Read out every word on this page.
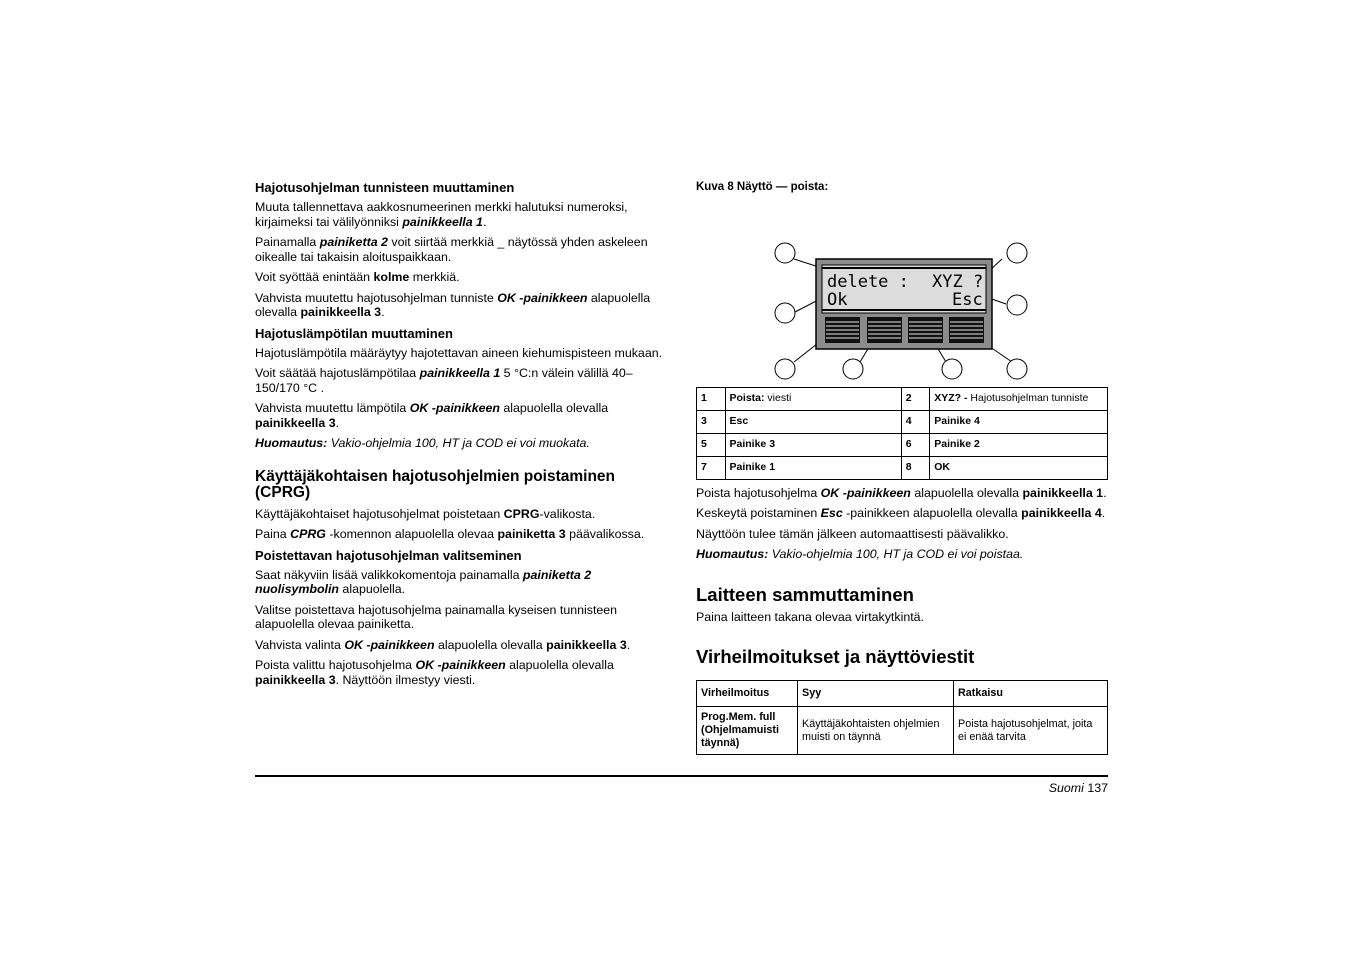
Hajotusohjelman tunnisteen muuttaminen

Muuta tallennettava aakkosnumeerinen merkki halutuksi numeroksi, kirjaimeksi tai välilyönniksi painikkeella 1.

Painamalla painiketta 2 voit siirtää merkkiä _ näytössä yhden askeleen oikealle tai takaisin aloituspaikkaan.

Voit syöttää enintään kolme merkkiä.

Vahvista muutettu hajotusohjelman tunniste OK -painikkeen alapuolella olevalla painikkeella 3.

Hajotuslämpötilan muuttaminen

Hajotuslämpötila määräytyy hajotettavan aineen kiehumispisteen mukaan.

Voit säätää hajotuslämpötilaa painikkeella 1 5 °C:n välein välillä 40–150/170 °C .

Vahvista muutettu lämpötila OK -painikkeen alapuolella olevalla painikkeella 3.

Huomautus: Vakio-ohjelmia 100, HT ja COD ei voi muokata.

Käyttäjäkohtaisen hajotusohjelmien poistaminen (CPRG)

Käyttäjäkohtaiset hajotusohjelmat poistetaan CPRG-valikosta.

Paina CPRG -komennon alapuolella olevaa painiketta 3 päävalikossa.

Poistettavan hajotusohjelman valitseminen

Saat näkyviin lisää valikkokomentoja painamalla painiketta 2 nuolisymbolin alapuolella.

Valitse poistettava hajotusohjelma painamalla kyseisen tunnisteen alapuolella olevaa painiketta.

Vahvista valinta OK -painikkeen alapuolella olevalla painikkeella 3.

Poista valittu hajotusohjelma OK -painikkeen alapuolella olevalla painikkeella 3. Näyttöön ilmestyy viesti.

Kuva 8 Näyttö — poista:
delete : XYZ ?
Ok	Esc
1	Poista: viesti	2	XYZ? - Hajotusohjelman tunniste
3	Esc	4	Painike 4
5	Painike 3	6	Painike 2
7	Painike 1	8	OK

Poista hajotusohjelma OK -painikkeen alapuolella olevalla painikkeella 1.

Keskeytä poistaminen Esc -painikkeen alapuolella olevalla painikkeella 4.

Näyttöön tulee tämän jälkeen automaattisesti päävalikko.

Huomautus: Vakio-ohjelmia 100, HT ja COD ei voi poistaa.

Laitteen sammuttaminen

Paina laitteen takana olevaa virtakytkintä.

Virheilmoitukset ja näyttöviestit
Virheilmoitus	Syy	Ratkaisu
Prog.Mem. full (Ohjelmamuisti täynnä)	Käyttäjäkohtaisten ohjelmien muisti on täynnä	Poista hajotusohjelmat, joita ei enää tarvita
Suomi 137
